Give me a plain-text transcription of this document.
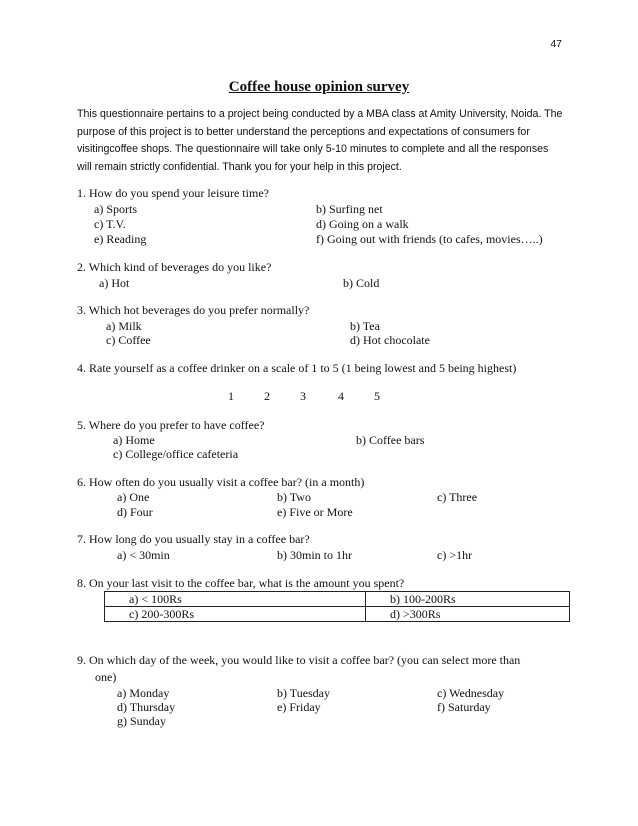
47
Coffee house opinion survey

This questionnaire pertains to a project being conducted by a MBA class at Amity University, Noida. The

purpose of this project is to better understand the perceptions and expectations of consumers for

visitingcoffee shops. The questionnaire will take only 5-10 minutes to complete and all the responses

will remain strictly confidential. Thank you for your help in this project.

1. How do you spend your leisure time?
a) Sports	b) Surfing net
c) T.V.	d) Going on a walk
e) Reading	f) Going out with friends (to cafes, movies…..)
2. Which kind of beverages do you like?
a) Hot	b) Cold
3. Which hot beverages do you prefer normally?
a) Milk	b) Tea
c) Coffee	d) Hot chocolate
4. Rate yourself as a coffee drinker on a scale of 1 to 5 (1 being lowest and 5 being highest)
1	2	3	4	5
5. Where do you prefer to have coffee?
a) Home	b) Coffee bars
c) College/office cafeteria
6. How often do you usually visit a coffee bar? (in a month)
a) One	b) Two	c) Three
d) Four	e) Five or More
7. How long do you usually stay in a coffee bar?
a) < 30min	b) 30min to 1hr	c) >1hr
8. On your last visit to the coffee bar, what is the amount you spent?
a) < 100Rs	b) 100-200Rs
c) 200-300Rs	d) >300Rs
9. On which day of the week, you would like to visit a coffee bar? (you can select more than
one)
a) Monday	b) Tuesday	c) Wednesday
d) Thursday	e) Friday	f) Saturday
g) Sunday
